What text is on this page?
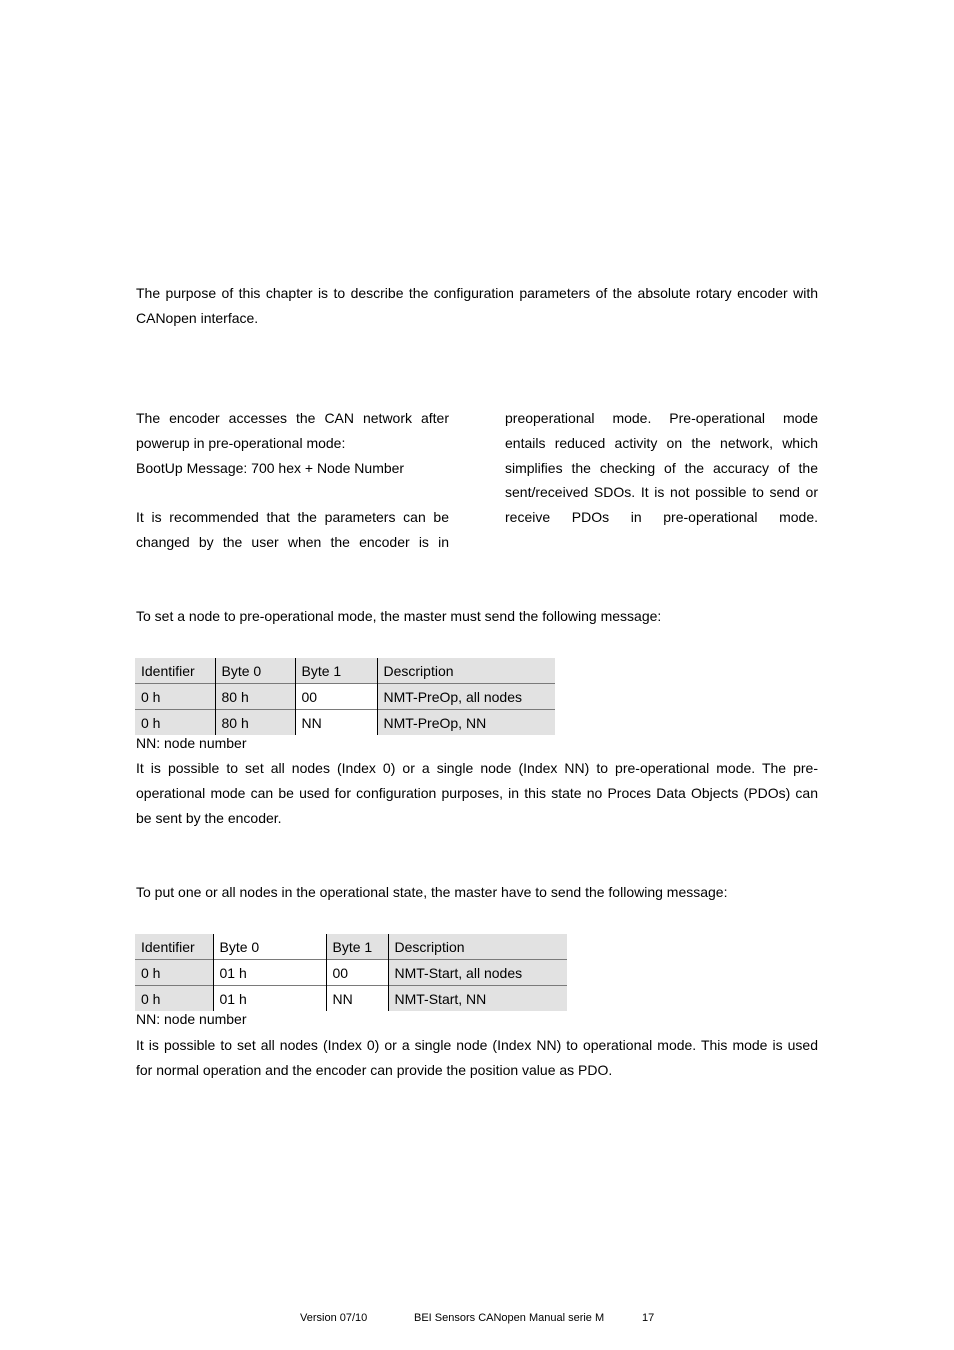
The purpose of this chapter is to describe the configuration parameters of the absolute rotary encoder with
CANopen interface.
The encoder accesses the CAN network after
powerup in pre-operational mode:
BootUp Message: 700 hex + Node Number
It is recommended that the parameters can be
changed by the user when the encoder is in
preoperational mode. Pre-operational mode
entails reduced activity on the network, which
simplifies the checking of the accuracy of the
sent/received SDOs. It is not possible to send or
receive PDOs in pre-operational mode.
To set a node to pre-operational mode, the master must send the following message:
Identifier	Byte 0	Byte 1	Description
0 h	80 h	00	NMT-PreOp, all nodes
0 h	80 h	NN	NMT-PreOp, NN
NN: node number
It is possible to set all nodes (Index 0) or a single node (Index NN) to pre-operational mode. The pre-
operational mode can be used for configuration purposes, in this state no Proces Data Objects (PDOs) can
be sent by the encoder.
To put one or all nodes in the operational state, the master have to send the following message:
Identifier	Byte 0	Byte 1	Description
0 h	01 h	00	NMT-Start, all nodes
0 h	01 h	NN	NMT-Start, NN
NN: node number
It is possible to set all nodes (Index 0) or a single node (Index NN) to operational mode. This mode is used
for normal operation and the encoder can provide the position value as PDO.
Version 07/10	BEI Sensors CANopen Manual serie M	17
